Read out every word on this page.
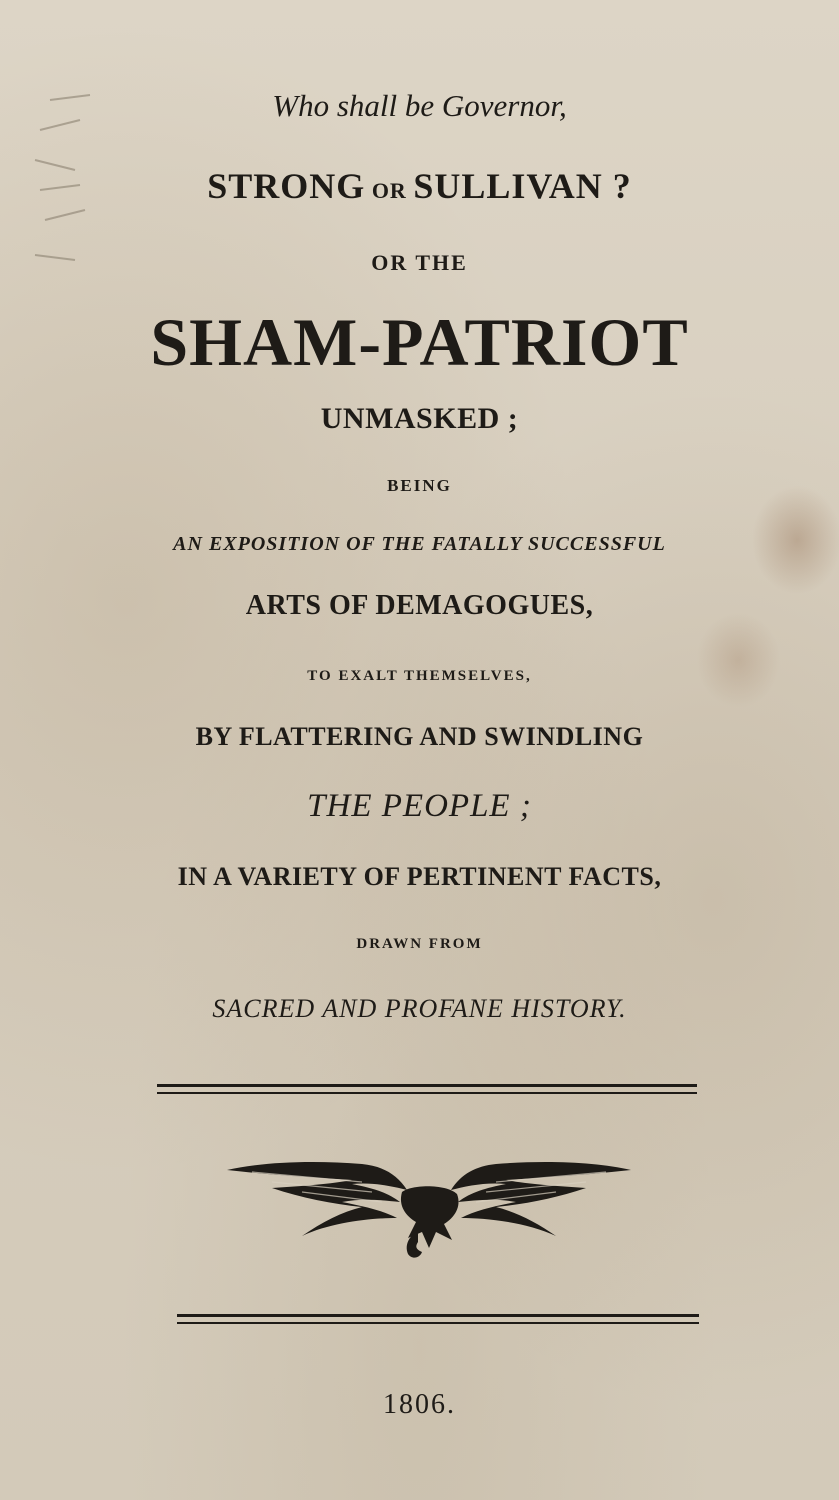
Who shall be Governor,
STRONG OR SULLIVAN ?
OR THE
SHAM-PATRIOT
UNMASKED ;
BEING
AN EXPOSITION OF THE FATALLY SUCCESSFUL
ARTS OF DEMAGOGUES,
TO EXALT THEMSELVES,
BY FLATTERING AND SWINDLING
THE PEOPLE ;
IN A VARIETY OF PERTINENT FACTS,
DRAWN FROM
SACRED AND PROFANE HISTORY.
1806.
